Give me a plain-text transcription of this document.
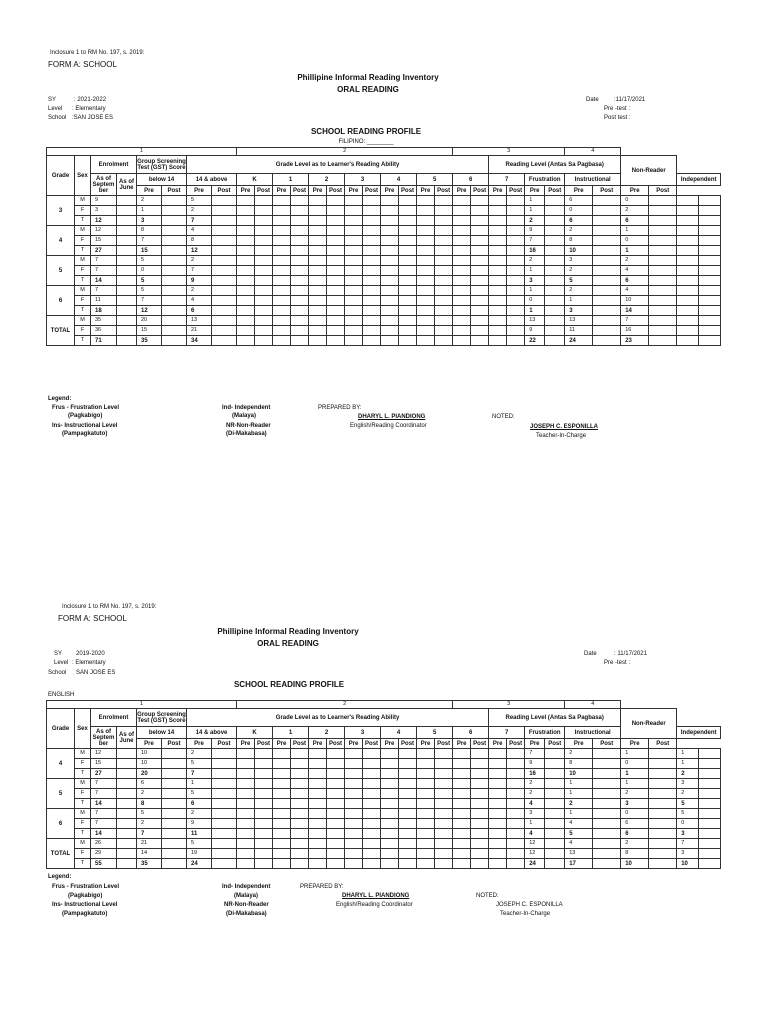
Inclosure 1 to RM No. 197, s. 2019:
FORM A: SCHOOL
Phillipine Informal Reading Inventory
ORAL READING
SY	: 2021-2022
Level : Elementary
School :SAN JOSE ES
Date	:11/17/2021
Pre -test :
Post test :
SCHOOL READING PROFILE
FILIPINO: ________
1								2												3						4					
Grade	Sex	Enrolment		Group Screening Test (GST) Score		Grade Level as to Learner's Reading Ability																Reading Level (Antas Sa Pagbasa)						Non-Reader			
		As of Septem ber	As of June	below 14		14 & above		K		1		2		3		4		5		6		7		Frustration		Instructional				Independent	
				Pre	Post	Pre	Post	Pre	Post	Pre	Post	Pre	Post	Pre	Post	Pre	Post	Pre	Post	Pre	Post	Pre	Post	Pre	Post	Pre	Post	Pre	Post		
3	M	9		2		5																		1		6		0			
	F	3		1		2																		1		0		2			
	T	12		3		7																		2		6		6			
4	M	12		8		4																		9		2		1			
	F	15		7		8																		7		8		0			
	T	27		15		12																		16		10		1			
5	M	7		5		2																		2		3		2			
	F	7		0		7																		1		2		4			
	T	14		5		9																		3		5		6			
6	M	7		5		2																		1		2		4			
	F	11		7		4																		0		1		10			
	T	18		12		6																		1		3		14			
TOTAL	M	35		20		13																		13		13		7			
	F	36		15		21																		9		11		16			
	T	71		35		34																		22		24		23			
Legend:
Frus - Frustration Level
(Pagkabigo)
Ins- Instructional Level
(Pampagkatuto)
Ind- Independent
(Malaya)
NR-Non-Reader
(Di-Makabasa)
PREPARED BY:
DHARYL L. PIANDIONG
English/Reading Coordinator
NOTED:
JOSEPH C. ESPONILLA
Teacher-In-Charge
Inclosure 1 to RM No. 197, s. 2019:
FORM A: SCHOOL
Phillipine Informal Reading Inventory
ORAL READING
SY 2019-2020
Level : Elementary
School SAN JOSE ES
Date	: 11/17/2021
Pre -test :
SCHOOL READING PROFILE
ENGLISH
1								2												3						4					
Grade	Sex	Enrolment		Group Screening Test (GST) Score		Grade Level as to Learner's Reading Ability																Reading Level (Antas Sa Pagbasa)						Non-Reader			
		As of Septem ber	As of June	below 14		14 & above		K		1		2		3		4		5		6		7		Frustration		Instructional				Independent	
				Pre	Post	Pre	Post	Pre	Post	Pre	Post	Pre	Post	Pre	Post	Pre	Post	Pre	Post	Pre	Post	Pre	Post	Pre	Post	Pre	Post	Pre	Post		
4	M	12		10		2																		7		2		1		1	
	F	15		10		5																		9		8		0		1	
	T	27		20		7																		16		10		1		2	
5	M	7		6		1																		2		1		1		3	
	F	7		2		5																		2		1		2		2	
	T	14		8		6																		4		2		3		5	
6	M	7		5		2																		3		1		0		5	
	F	7		2		9																		1		4		6		0	
	T	14		7		11																		4		5		6		3	
TOTAL	M	26		21		5																		12		4		2		7	
	F	29		14		19																		12		13		8		3	
	T	55		35		24																		24		17		10		10	
Legend:
Frus - Frustration Level
(Pagkabigo)
Ins- Instructional Level
(Pampagkatuto)
Ind- Independent
(Malaya)
NR-Non-Reader
(Di-Makabasa)
PREPARED BY:
DHARYL L. PIANDIONG
English/Reading Coordinator
NOTED:
JOSEPH C. ESPONILLA
Teacher-In-Charge
